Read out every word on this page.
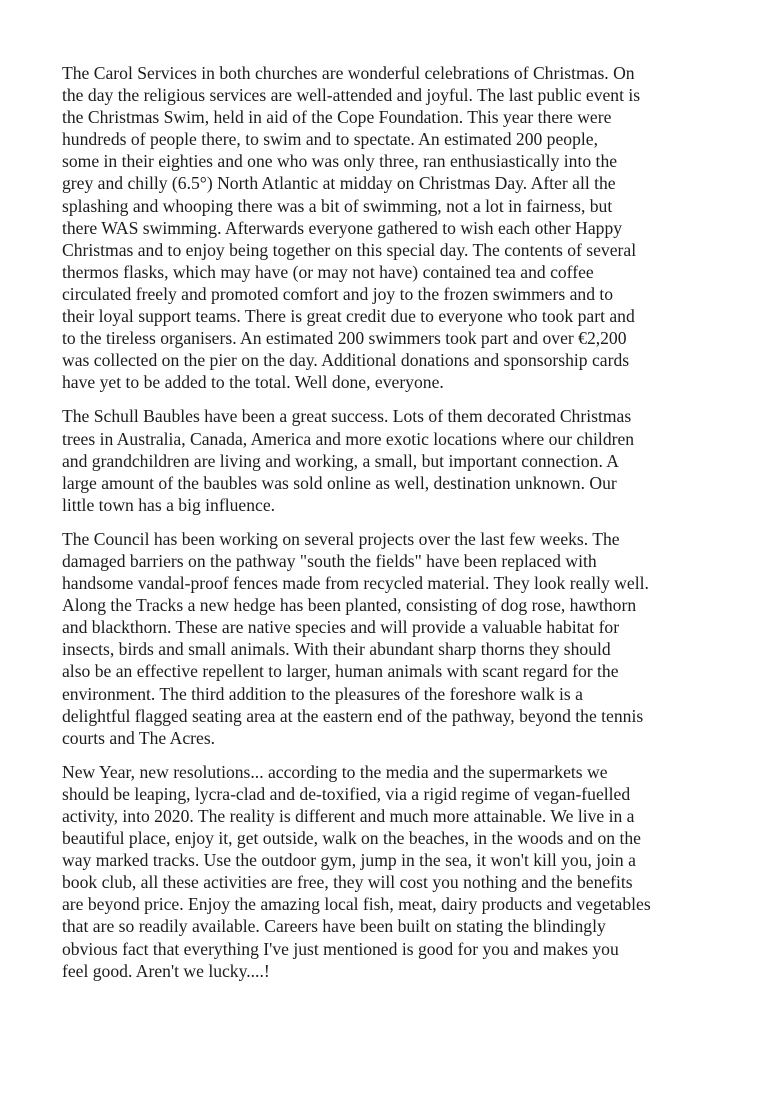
The Carol Services in both churches are wonderful celebrations of Christmas. On
the day the religious services are well-attended and joyful. The last public event is
the Christmas Swim, held in aid of the Cope Foundation. This year there were
hundreds of people there, to swim and to spectate. An estimated 200 people,
some in their eighties and one who was only three, ran enthusiastically into the
grey and chilly (6.5°) North Atlantic at midday on Christmas Day. After all the
splashing and whooping there was a bit of swimming, not a lot in fairness, but
there WAS swimming. Afterwards everyone gathered to wish each other Happy
Christmas and to enjoy being together on this special day. The contents of several
thermos flasks, which may have (or may not have) contained tea and coffee
circulated freely and promoted comfort and joy to the frozen swimmers and to
their loyal support teams. There is great credit due to everyone who took part and
to the tireless organisers. An estimated 200 swimmers took part and over €2,200
was collected on the pier on the day. Additional donations and sponsorship cards
have yet to be added to the total. Well done, everyone.

The Schull Baubles have been a great success. Lots of them decorated Christmas
trees in Australia, Canada, America and more exotic locations where our children
and grandchildren are living and working, a small, but important connection. A
large amount of the baubles was sold online as well, destination unknown. Our
little town has a big influence.

The Council has been working on several projects over the last few weeks. The
damaged barriers on the pathway "south the fields" have been replaced with
handsome vandal-proof fences made from recycled material. They look really well.
Along the Tracks a new hedge has been planted, consisting of dog rose, hawthorn
and blackthorn. These are native species and will provide a valuable habitat for
insects, birds and small animals. With their abundant sharp thorns they should
also be an effective repellent to larger, human animals with scant regard for the
environment. The third addition to the pleasures of the foreshore walk is a
delightful flagged seating area at the eastern end of the pathway, beyond the tennis
courts and The Acres.

New Year, new resolutions... according to the media and the supermarkets we
should be leaping, lycra-clad and de-toxified, via a rigid regime of vegan-fuelled
activity, into 2020. The reality is different and much more attainable. We live in a
beautiful place, enjoy it, get outside, walk on the beaches, in the woods and on the
way marked tracks. Use the outdoor gym, jump in the sea, it won't kill you, join a
book club, all these activities are free, they will cost you nothing and the benefits
are beyond price. Enjoy the amazing local fish, meat, dairy products and vegetables
that are so readily available. Careers have been built on stating the blindingly
obvious fact that everything I've just mentioned is good for you and makes you
feel good. Aren't we lucky....!
